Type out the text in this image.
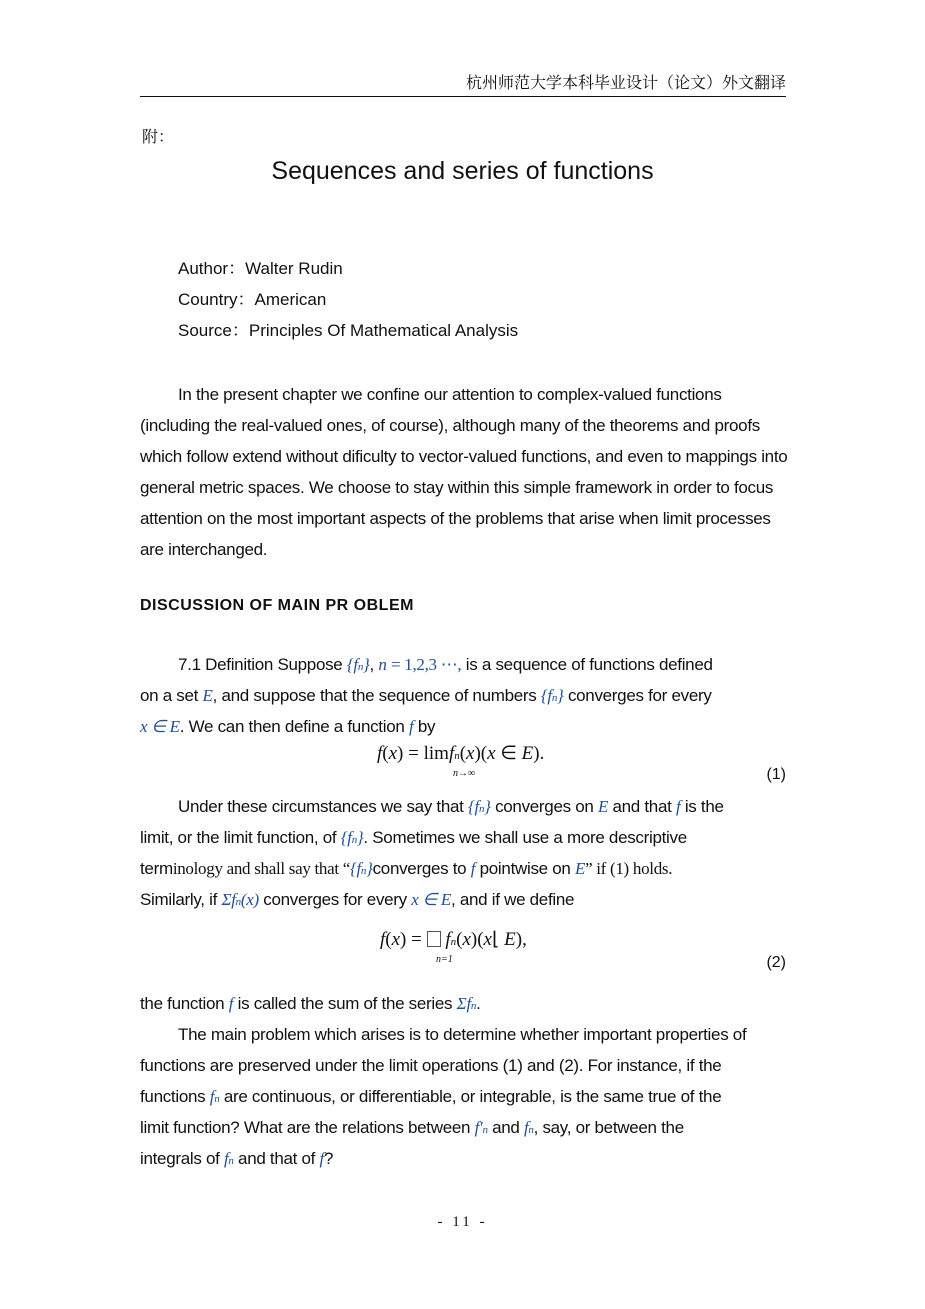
杭州师范大学本科毕业设计（论文）外文翻译
附：
Sequences and series of functions
Author：Walter Rudin
Country：American
Source：Principles Of Mathematical Analysis
In the present chapter we confine our attention to complex-valued functions (including the real-valued ones, of course), although many of the theorems and proofs which follow extend without dificulty to vector-valued functions, and even to mappings into general metric spaces. We choose to stay within this simple framework in order to focus attention on the most important aspects of the problems that arise when limit processes are interchanged.
DISCUSSION OF MAIN PR OBLEM
7.1 Definition Suppose {fn}, n = 1,2,3 ⋯, is a sequence of functions defined
on a set E, and suppose that the sequence of numbers {fn} converges for every
x ∈ E. We can then define a function f by
f(x) = limfn(x)(x ∈ E).
n→∞	(1)
Under these circumstances we say that {fn} converges on E and that f is the
limit, or the limit function, of {fn}. Sometimes we shall use a more descriptive
terminology and shall say that “{fn}converges to f pointwise on E” if (1) holds.
Similarly, if Σfn(x) converges for every x ∈ E, and if we define
f(x) =  fn(x)(x⌊ E),
n=1	(2)
the function f is called the sum of the series Σfn.
The main problem which arises is to determine whether important properties of
functions are preserved under the limit operations (1) and (2). For instance, if the
functions fn are continuous, or differentiable, or integrable, is the same true of the
limit function? What are the relations between f′n and fn, say, or between the
integrals of fn and that of f?
- 11 -
